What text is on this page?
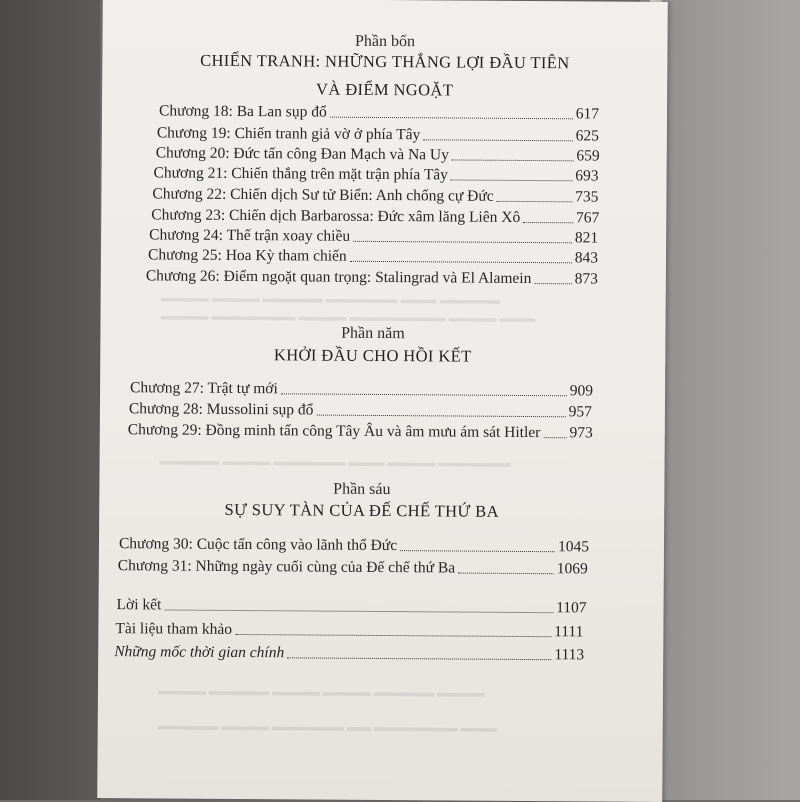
▬▬▬▬ ▬▬▬▬ ▬▬▬▬▬ ▬▬▬▬▬▬ ▬▬▬ ▬▬▬▬▬
▬▬▬▬ ▬▬▬▬▬▬▬ ▬▬▬▬ ▬▬▬▬▬▬▬▬ ▬▬▬▬ ▬▬▬
▬▬▬▬▬ ▬▬▬▬ ▬▬▬▬▬▬ ▬▬▬ ▬▬▬▬ ▬▬▬▬▬▬
▬▬▬▬ ▬▬▬▬▬ ▬▬▬▬ ▬▬▬▬ ▬▬▬▬▬ ▬▬▬▬
▬▬▬▬▬ ▬▬▬▬ ▬▬▬▬▬▬ ▬▬ ▬▬▬▬▬▬▬ ▬▬▬
Phần bốn
CHIẾN TRANH: NHỮNG THẮNG LỢI ĐẦU TIÊN
VÀ ĐIỂM NGOẶT
Chương 18: Ba Lan sụp đổ	617
Chương 19: Chiến tranh giả vờ ở phía Tây	625
Chương 20: Đức tấn công Đan Mạch và Na Uy	659
Chương 21: Chiến thắng trên mặt trận phía Tây	693
Chương 22: Chiến dịch Sư tử Biển: Anh chống cự Đức	735
Chương 23: Chiến dịch Barbarossa: Đức xâm lăng Liên Xô	767
Chương 24: Thế trận xoay chiều	821
Chương 25: Hoa Kỳ tham chiến	843
Chương 26: Điểm ngoặt quan trọng: Stalingrad và El Alamein	873
Phần năm
KHỞI ĐẦU CHO HỒI KẾT
Chương 27: Trật tự mới	909
Chương 28: Mussolini sụp đổ	957
Chương 29: Đồng minh tấn công Tây Âu và âm mưu ám sát Hitler 973
Phần sáu
SỰ SUY TÀN CỦA ĐẾ CHẾ THỨ BA
Chương 30: Cuộc tấn công vào lãnh thổ Đức	1045
Chương 31: Những ngày cuối cùng của Đế chế thứ Ba	1069
Lời kết	1107
Tài liệu tham khảo	1111
Những mốc thời gian chính	1113
